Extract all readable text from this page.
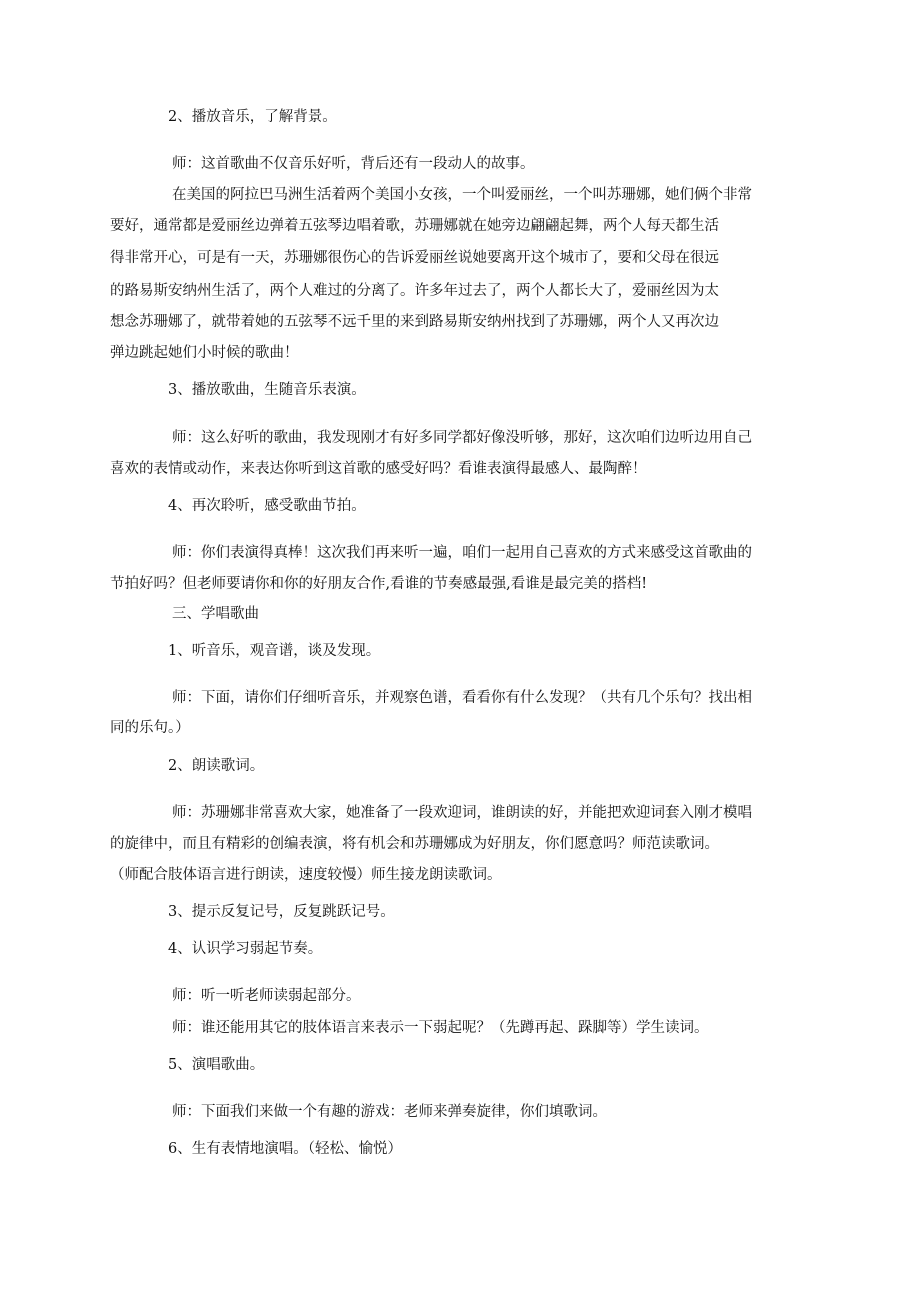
2、播放音乐，了解背景。

师：这首歌曲不仅音乐好听，背后还有一段动人的故事。

在美国的阿拉巴马洲生活着两个美国小女孩，一个叫爱丽丝，一个叫苏珊娜，她们俩个非常

要好，通常都是爱丽丝边弹着五弦琴边唱着歌，苏珊娜就在她旁边翩翩起舞，两个人每天都生活

得非常开心，可是有一天，苏珊娜很伤心的告诉爱丽丝说她要离开这个城市了，要和父母在很远

的路易斯安纳州生活了，两个人难过的分离了。许多年过去了，两个人都长大了，爱丽丝因为太

想念苏珊娜了，就带着她的五弦琴不远千里的来到路易斯安纳州找到了苏珊娜，两个人又再次边

弹边跳起她们小时候的歌曲！

3、播放歌曲，生随音乐表演。

师：这么好听的歌曲，我发现刚才有好多同学都好像没听够，那好，这次咱们边听边用自己

喜欢的表情或动作，来表达你听到这首歌的感受好吗？看谁表演得最感人、最陶醉！

4、再次聆听，感受歌曲节拍。

师：你们表演得真棒！这次我们再来听一遍，咱们一起用自己喜欢的方式来感受这首歌曲的

节拍好吗？但老师要请你和你的好朋友合作,看谁的节奏感最强,看谁是最完美的搭档!

三、学唱歌曲

1、听音乐，观音谱，谈及发现。

师：下面，请你们仔细听音乐，并观察色谱，看看你有什么发现？（共有几个乐句？找出相

同的乐句。）

2、朗读歌词。

师：苏珊娜非常喜欢大家，她准备了一段欢迎词，谁朗读的好，并能把欢迎词套入刚才模唱

的旋律中，而且有精彩的创编表演，将有机会和苏珊娜成为好朋友，你们愿意吗？师范读歌词。

（师配合肢体语言进行朗读，速度较慢）师生接龙朗读歌词。

3、提示反复记号，反复跳跃记号。

4、认识学习弱起节奏。

师：听一听老师读弱起部分。

师：谁还能用其它的肢体语言来表示一下弱起呢？（先蹲再起、跺脚等）学生读词。

5、演唱歌曲。

师：下面我们来做一个有趣的游戏：老师来弹奏旋律，你们填歌词。

6、生有表情地演唱。（轻松、愉悦）
